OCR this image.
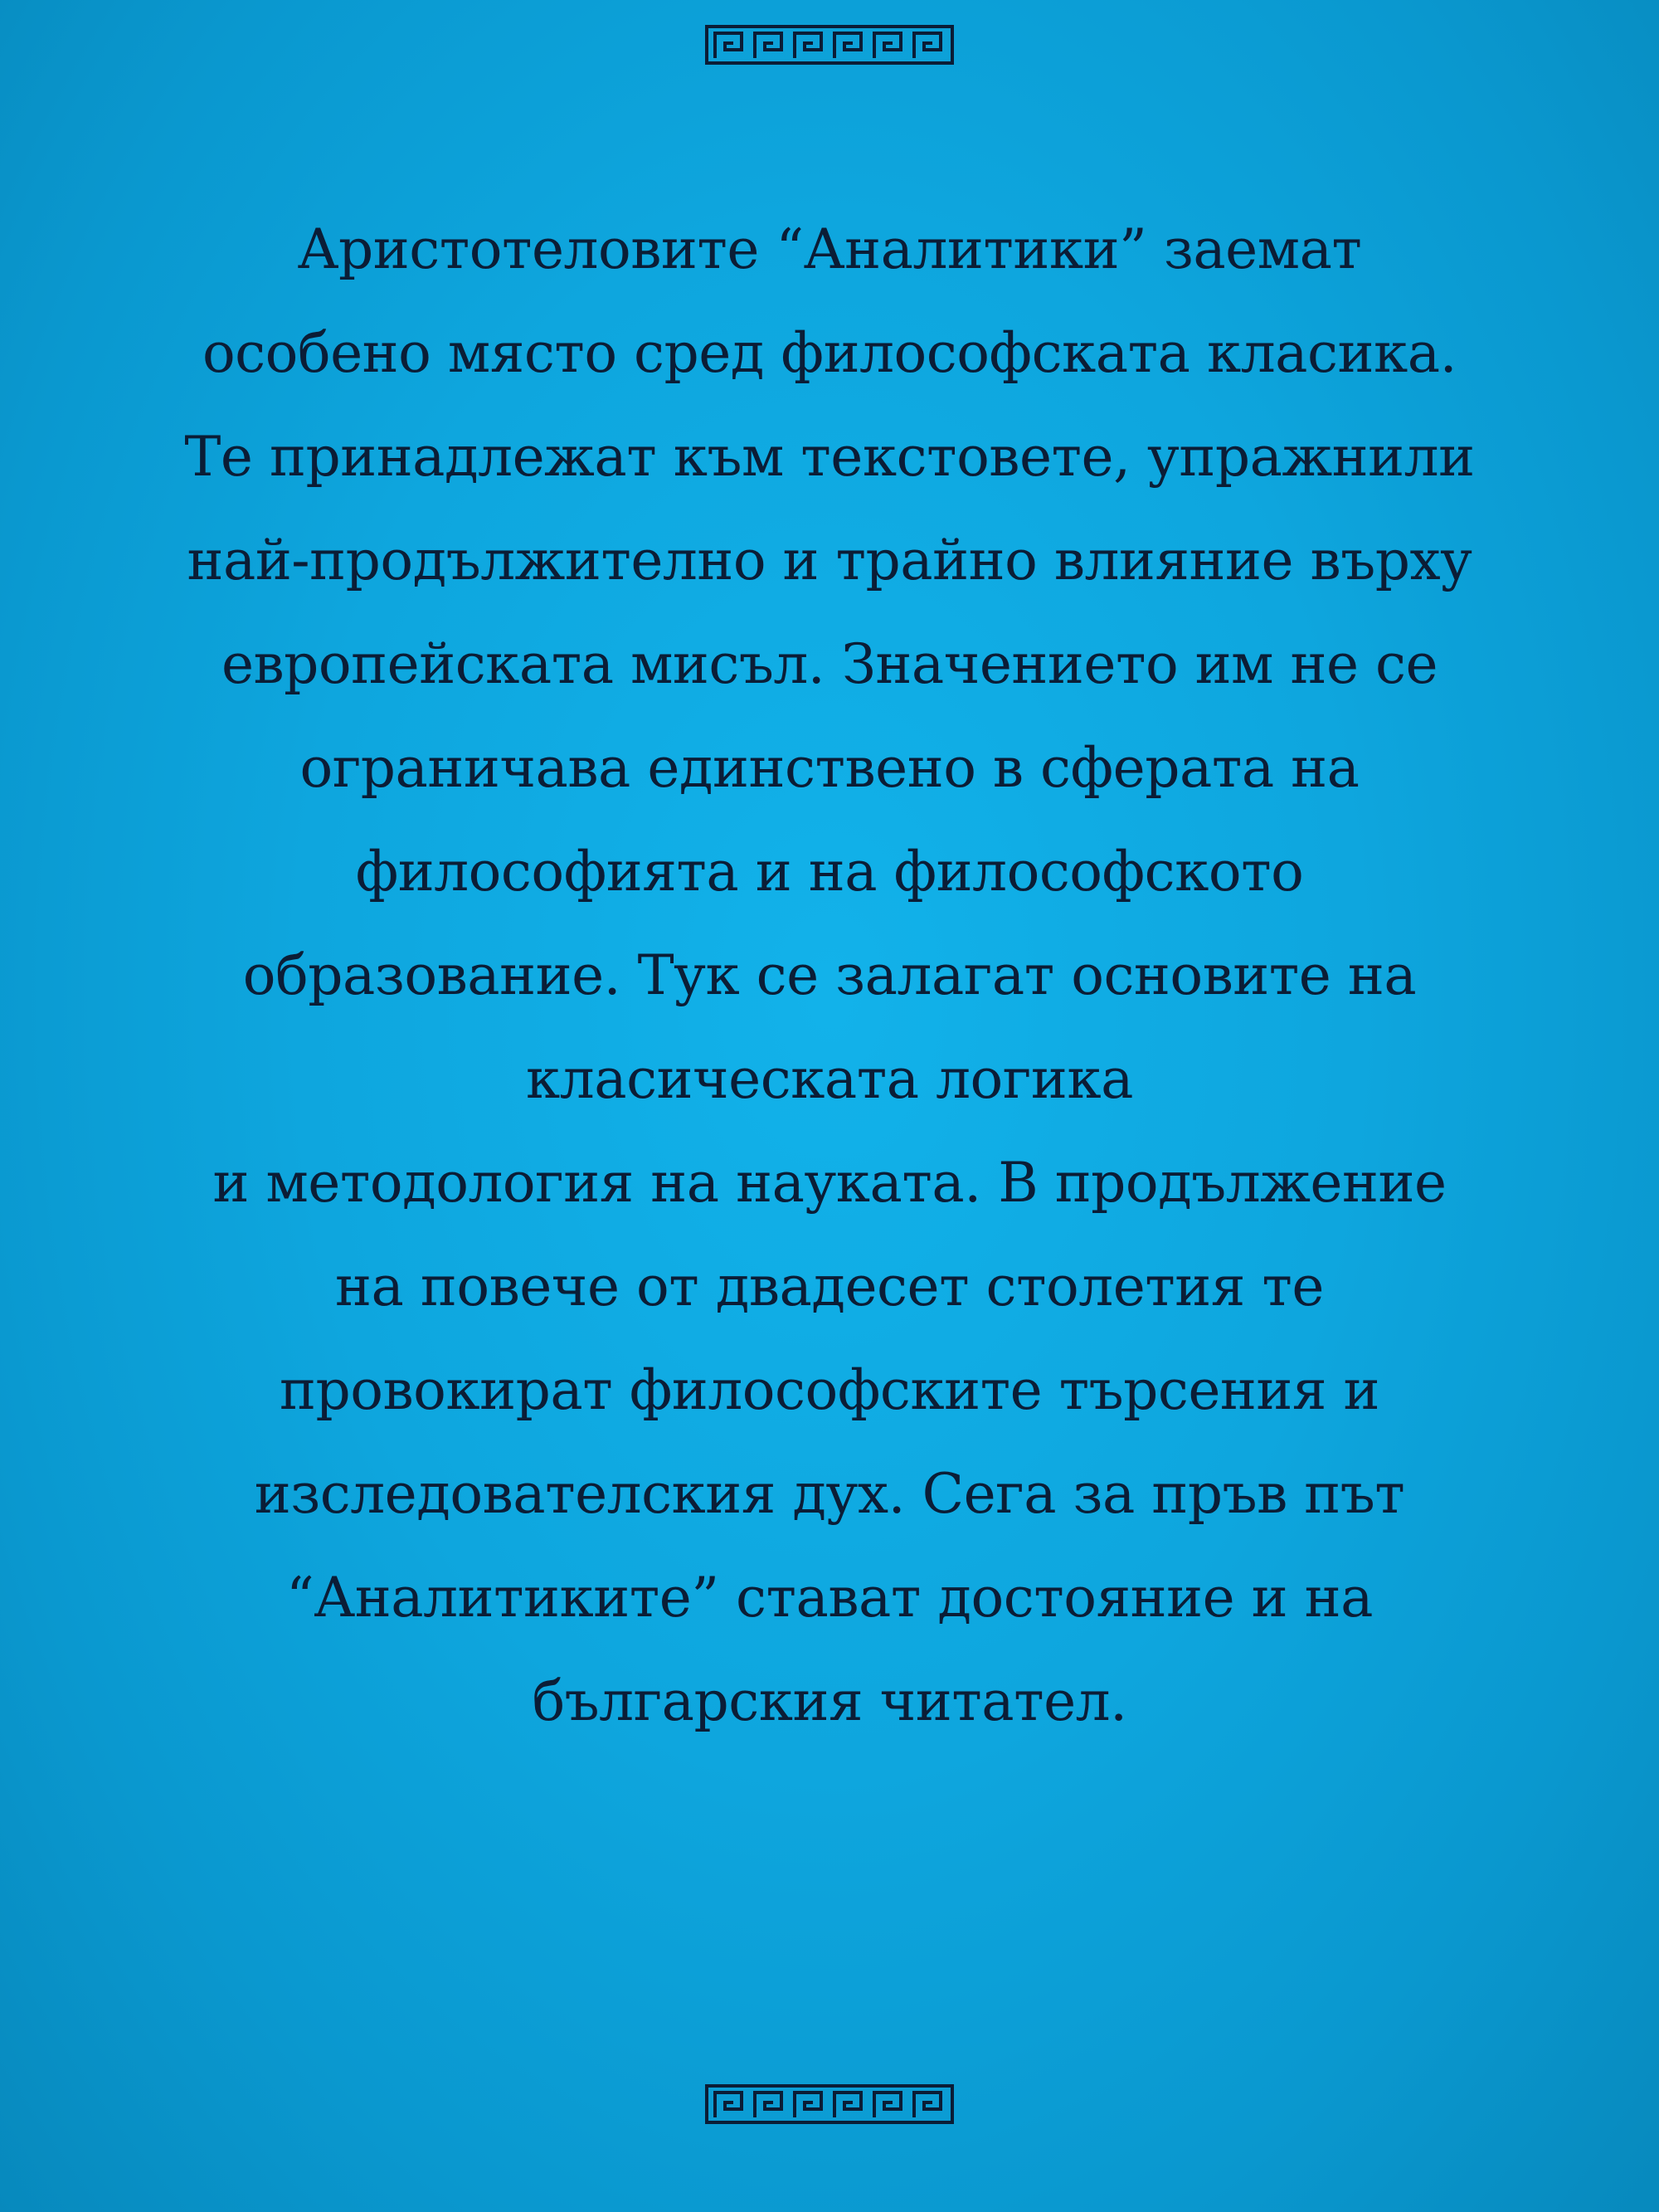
Аристотеловите “Аналитики” заемат
особено място сред философската класика.
Те принадлежат към текстовете, упражнили
най-продължително и трайно влияние върху
европейската мисъл. Значението им не се
ограничава единствено в сферата на
философията и на философското
образование. Тук се залагат основите на
класическата логика
и методология на науката. В продължение
на повече от двадесет столетия те
провокират философските търсения и
изследователския дух. Сега за пръв път
“Аналитиките” стават достояние и на
българския читател.
